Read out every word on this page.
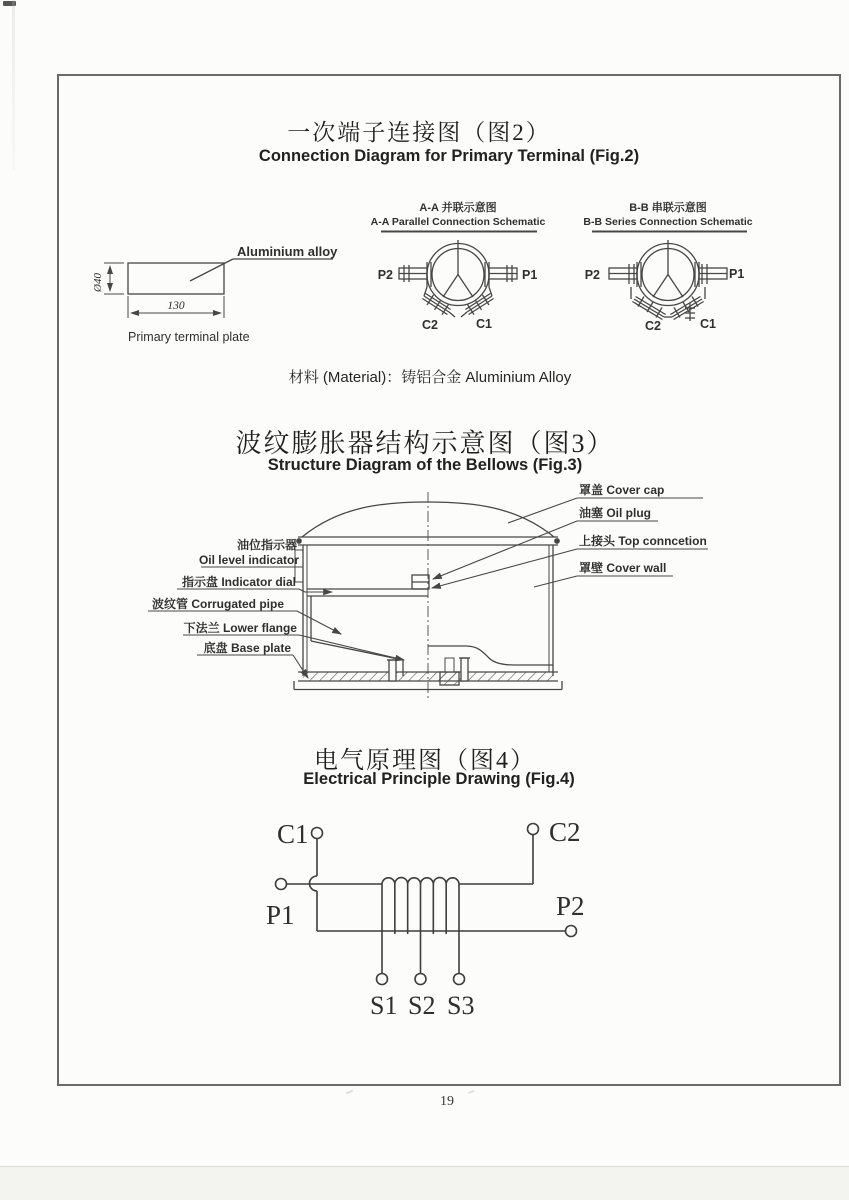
一次端子连接图（图2）
Connection Diagram for Primary Terminal (Fig.2)
Aluminium alloy
Ø40
130
Primary terminal plate
A-A 并联示意图
A-A Parallel Connection Schematic
P2	P1
C2	C1
B-B 串联示意图
B-B Series Connection Schematic
P2	P1
C2	C1
材料 (Material)：铸铝合金 Aluminium Alloy
波纹膨胀器结构示意图（图3）
Structure Diagram of the Bellows (Fig.3)
罩盖 Cover cap
油塞 Oil plug
上接头 Top conncetion
罩壁 Cover wall
油位指示器
Oil level indicator
指示盘 Indicator dial
波纹管 Corrugated pipe
下法兰 Lower flange
底盘 Base plate
电气原理图（图4）
Electrical Principle Drawing (Fig.4)
C1	C2
P1	P2
S1 S2 S3
19
